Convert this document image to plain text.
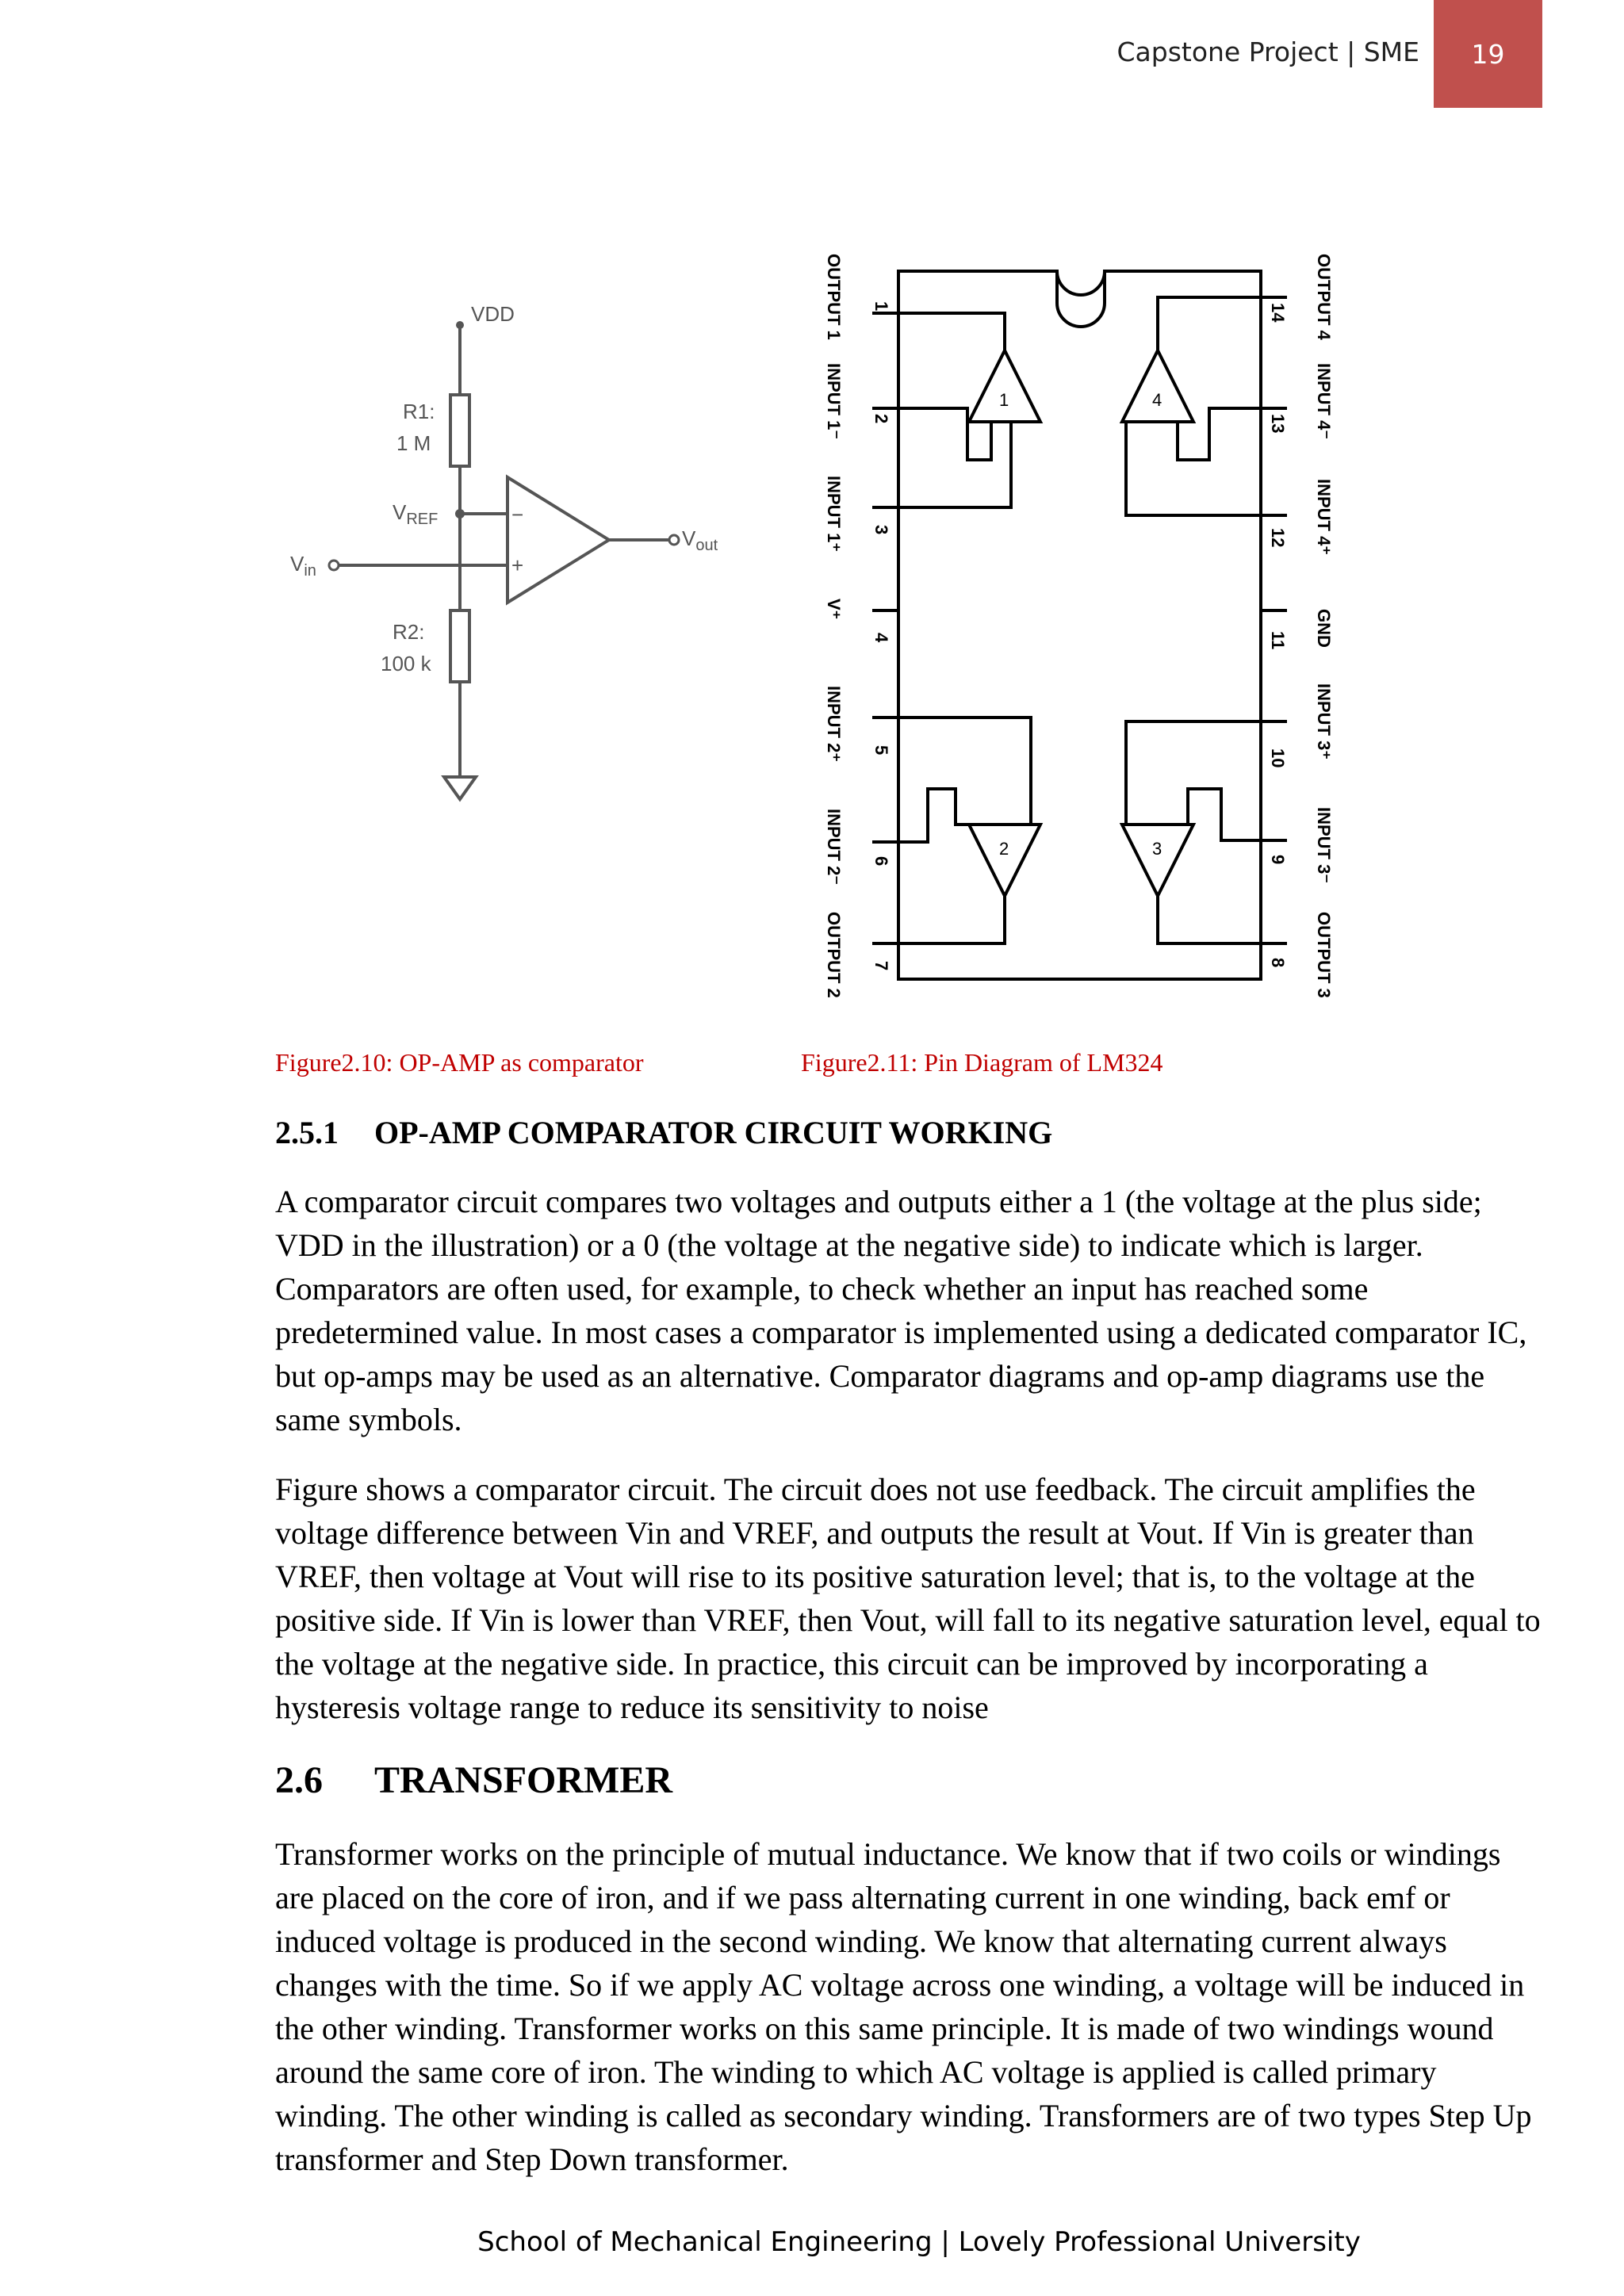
Capstone Project | SME 19
VDD
R1:
1 M
$V_{REF}$
$V_{in}$
$V_{out}$
−
+
R2:
100 k
OUTPUT 1
INPUT 1⁻
INPUT 1⁺
V⁺
INPUT 2⁺
INPUT 2⁻
OUTPUT 2
1
2
3
4
5
6
7
14
13
12
11
10
9
8
OUTPUT 4
INPUT 4⁻
INPUT 4⁺
GND
INPUT 3⁺
INPUT 3⁻
OUTPUT 3
1	4
2	3
Figure2.10: OP-AMP as comparator	Figure2.11: Pin Diagram of LM324
2.5.1 OP-AMP COMPARATOR CIRCUIT WORKING

A comparator circuit compares two voltages and outputs either a 1 (the voltage at the plus side; VDD in the illustration) or a 0 (the voltage at the negative side) to indicate which is larger. Comparators are often used, for example, to check whether an input has reached some predetermined value. In most cases a comparator is implemented using a dedicated comparator IC, but op-amps may be used as an alternative. Comparator diagrams and op-amp diagrams use the same symbols.

Figure shows a comparator circuit. The circuit does not use feedback. The circuit amplifies the voltage difference between Vin and VREF, and outputs the result at Vout. If Vin is greater than VREF, then voltage at Vout will rise to its positive saturation level; that is, to the voltage at the positive side. If Vin is lower than VREF, then Vout, will fall to its negative saturation level, equal to the voltage at the negative side. In practice, this circuit can be improved by incorporating a hysteresis voltage range to reduce its sensitivity to noise

2.6 TRANSFORMER

Transformer works on the principle of mutual inductance. We know that if two coils or windings are placed on the core of iron, and if we pass alternating current in one winding, back emf or induced voltage is produced in the second winding. We know that alternating current always changes with the time. So if we apply AC voltage across one winding, a voltage will be induced in the other winding. Transformer works on this same principle. It is made of two windings wound around the same core of iron. The winding to which AC voltage is applied is called primary winding. The other winding is called as secondary winding. Transformers are of two types Step Up transformer and Step Down transformer.

School of Mechanical Engineering | Lovely Professional University
